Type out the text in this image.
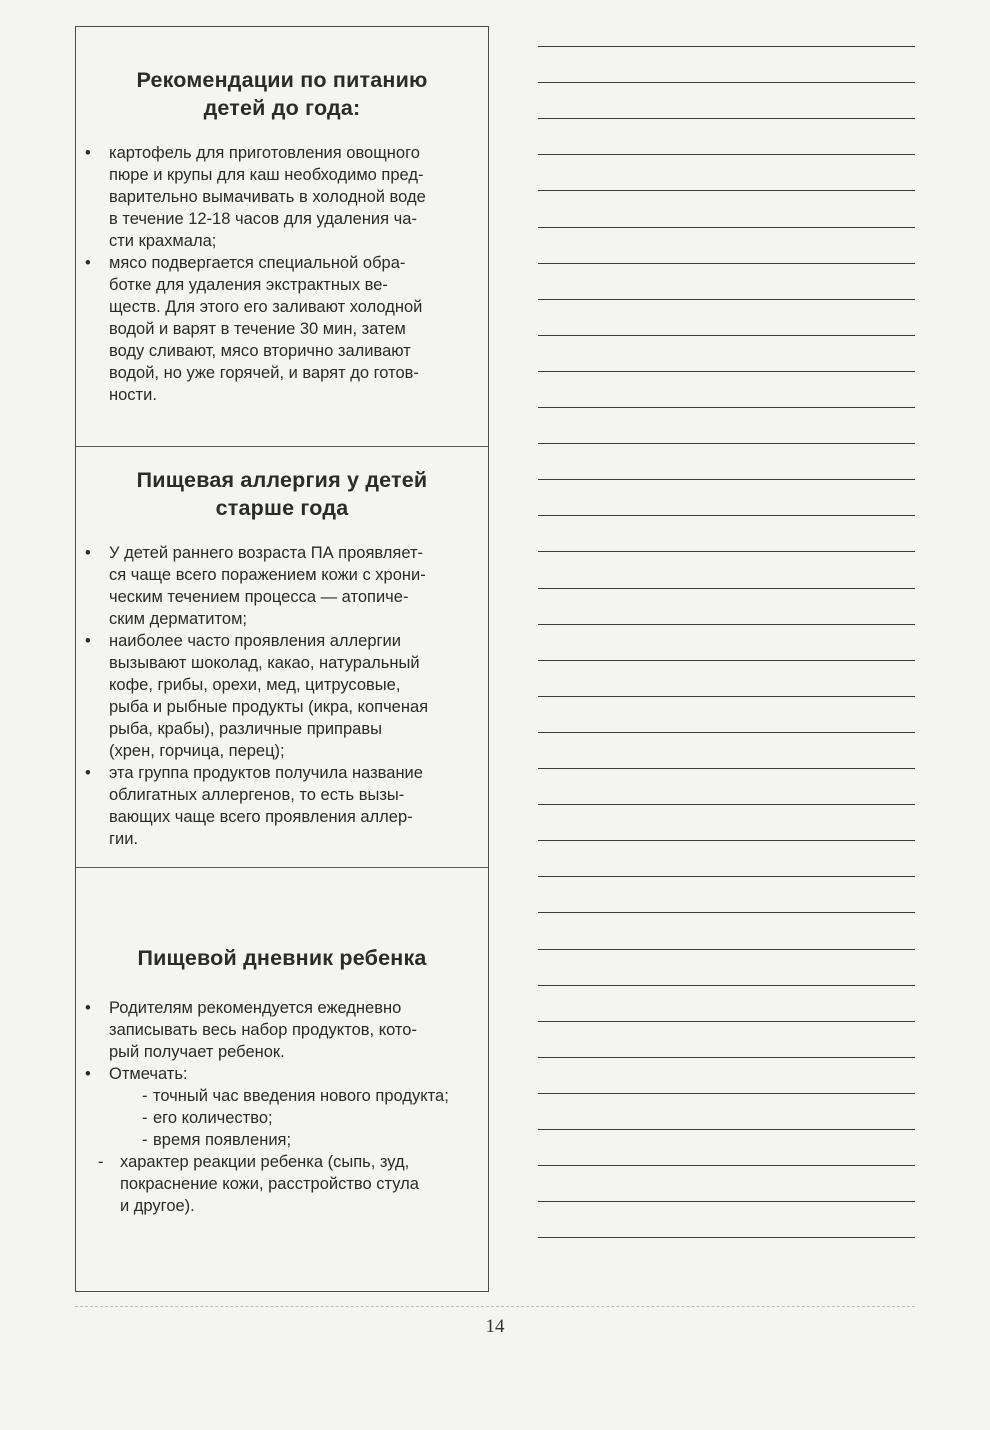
Рекомендации по питанию
детей до года:
• картофель для приготовления овощного
пюре и крупы для каш необходимо пред-
варительно вымачивать в холодной воде
в течение 12-18 часов для удаления ча-
сти крахмала;
• мясо подвергается специальной обра-
ботке для удаления экстрактных ве-
ществ. Для этого его заливают холодной
водой и варят в течение 30 мин, затем
воду сливают, мясо вторично заливают
водой, но уже горячей, и варят до готов-
ности.
Пищевая аллергия у детей
старше года
• У детей раннего возраста ПА проявляет-
ся чаще всего поражением кожи с хрони-
ческим течением процесса — атопиче-
ским дерматитом;
• наиболее часто проявления аллергии
вызывают шоколад, какао, натуральный
кофе, грибы, орехи, мед, цитрусовые,
рыба и рыбные продукты (икра, копченая
рыба, крабы), различные приправы
(хрен, горчица, перец);
• эта группа продуктов получила название
облигатных аллергенов, то есть вызы-
вающих чаще всего проявления аллер-
гии.
Пищевой дневник ребенка
• Родителям рекомендуется ежедневно
записывать весь набор продуктов, кото-
рый получает ребенок.
• Отмечать:
- точный час введения нового продукта;
- его количество;
- время появления;
- характер реакции ребенка (сыпь, зуд,
покраснение кожи, расстройство стула
и другое).
14
